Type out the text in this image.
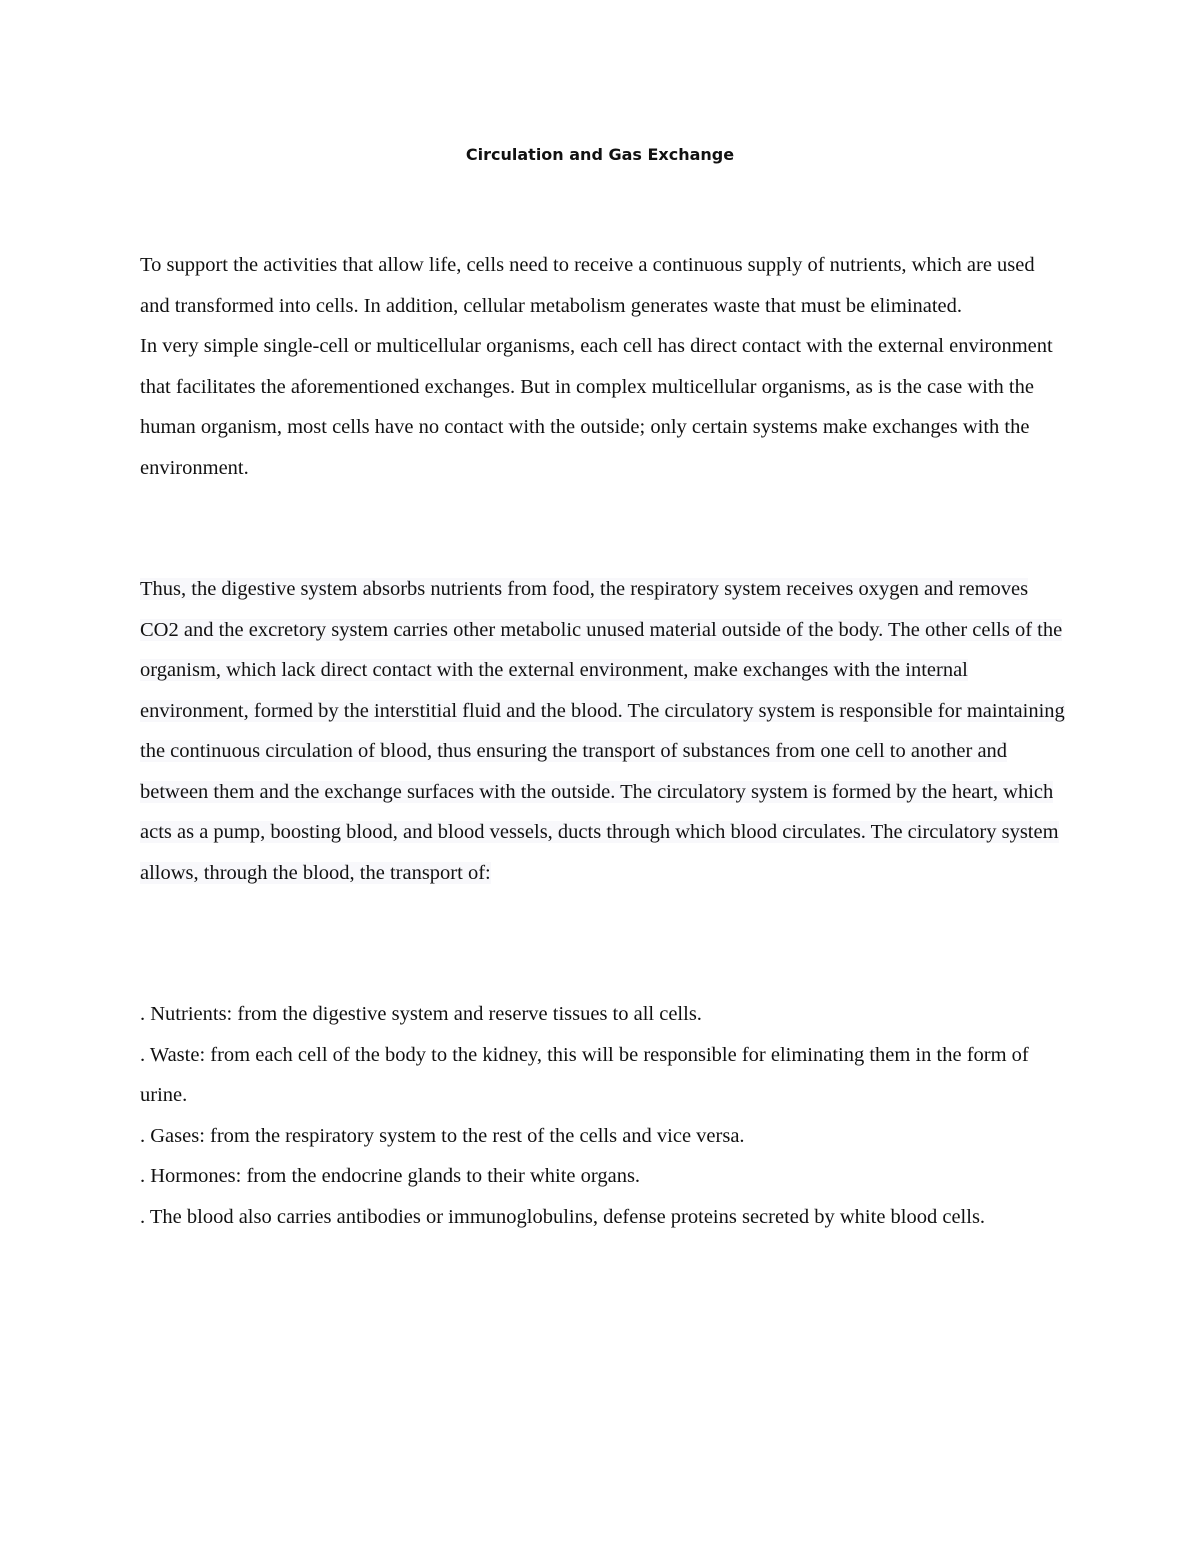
Circulation and Gas Exchange

To support the activities that allow life, cells need to receive a continuous supply of nutrients, which are used and transformed into cells. In addition, cellular metabolism generates waste that must be eliminated.

In very simple single-cell or multicellular organisms, each cell has direct contact with the external environment that facilitates the aforementioned exchanges. But in complex multicellular organisms, as is the case with the human organism, most cells have no contact with the outside; only certain systems make exchanges with the environment.

Thus, the digestive system absorbs nutrients from food, the respiratory system receives oxygen and removes CO2 and the excretory system carries other metabolic unused material outside of the body. The other cells of the organism, which lack direct contact with the external environment, make exchanges with the internal environment, formed by the interstitial fluid and the blood. The circulatory system is responsible for maintaining the continuous circulation of blood, thus ensuring the transport of substances from one cell to another and between them and the exchange surfaces with the outside. The circulatory system is formed by the heart, which acts as a pump, boosting blood, and blood vessels, ducts through which blood circulates. The circulatory system allows, through the blood, the transport of:

. Nutrients: from the digestive system and reserve tissues to all cells.

. Waste: from each cell of the body to the kidney, this will be responsible for eliminating them in the form of urine.

. Gases: from the respiratory system to the rest of the cells and vice versa.

. Hormones: from the endocrine glands to their white organs.

. The blood also carries antibodies or immunoglobulins, defense proteins secreted by white blood cells.
